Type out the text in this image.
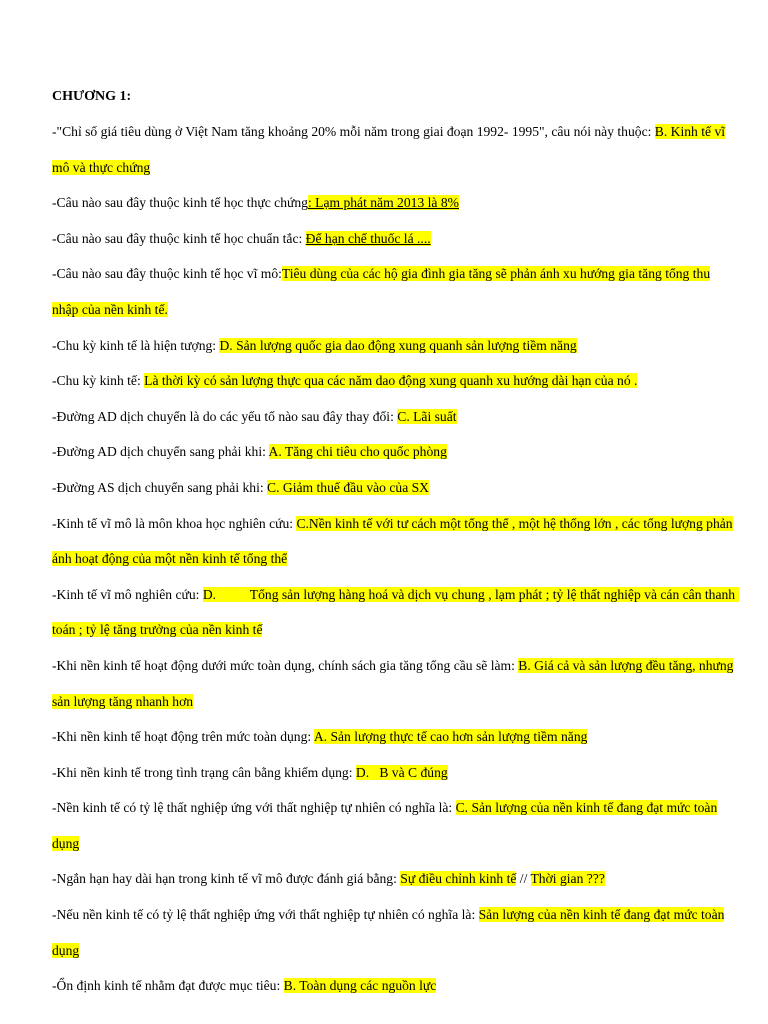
CHƯƠNG 1:

-"Chỉ số giá tiêu dùng ở Việt Nam tăng khoảng 20% mỗi năm trong giai đoạn 1992- 1995", câu nói này thuộc: B. Kinh tế vĩ mô và thực chứng

-Câu nào sau đây thuộc kinh tế học thực chứng: Lạm phát năm 2013 là 8%

-Câu nào sau đây thuộc kinh tế học chuẩn tắc: Để hạn chế thuốc lá ....

-Câu nào sau đây thuộc kinh tế học vĩ mô:Tiêu dùng của các hộ gia đình gia tăng sẽ phản ánh xu hướng gia tăng tổng thu nhập của nền kinh tế.

-Chu kỳ kinh tế là hiện tượng: D. Sản lượng quốc gia dao động xung quanh sản lượng tiềm năng

-Chu kỳ kinh tế: Là thời kỳ có sản lượng thực qua các năm dao động xung quanh xu hướng dài hạn của nó .

-Đường AD dịch chuyển là do các yếu tố nào sau đây thay đổi: C. Lãi suất

-Đường AD dịch chuyển sang phải khi: A. Tăng chi tiêu cho quốc phòng

-Đường AS dịch chuyển sang phải khi: C. Giảm thuế đầu vào của SX

-Kinh tế vĩ mô là môn khoa học nghiên cứu: C.Nền kinh tế với tư cách một tổng thể , một hệ thống lớn , các tổng lượng phản ánh hoạt động của một nền kinh tế tổng thể

-Kinh tế vĩ mô nghiên cứu: D.          Tổng sản lượng hàng hoá và dịch vụ chung , lạm phát ; tỷ lệ thất nghiệp và cán cân thanh toán ; tỷ lệ tăng trưởng của nền kinh tế

-Khi nền kinh tế hoạt động dưới mức toàn dụng, chính sách gia tăng tổng cầu sẽ làm: B. Giá cả và sản lượng đều tăng, nhưng sản lượng tăng nhanh hơn

-Khi nền kinh tế hoạt động trên mức toàn dụng: A. Sản lượng thực tế cao hơn sản lượng tiềm năng

-Khi nền kinh tế trong tình trạng cân bằng khiếm dụng: D.   B và C đúng

-Nền kinh tế có tỷ lệ thất nghiệp ứng với thất nghiệp tự nhiên có nghĩa là: C. Sản lượng của nền kinh tế đang đạt mức toàn dụng

-Ngắn hạn hay dài hạn trong kinh tế vĩ mô được đánh giá bằng: Sự điều chỉnh kinh tế // Thời gian ???

-Nếu nền kinh tế có tỷ lệ thất nghiệp ứng với thất nghiệp tự nhiên có nghĩa là: Sản lượng của nền kinh tế đang đạt mức toàn dụng

-Ổn định kinh tế nhằm đạt được mục tiêu: B. Toàn dụng các nguồn lực
